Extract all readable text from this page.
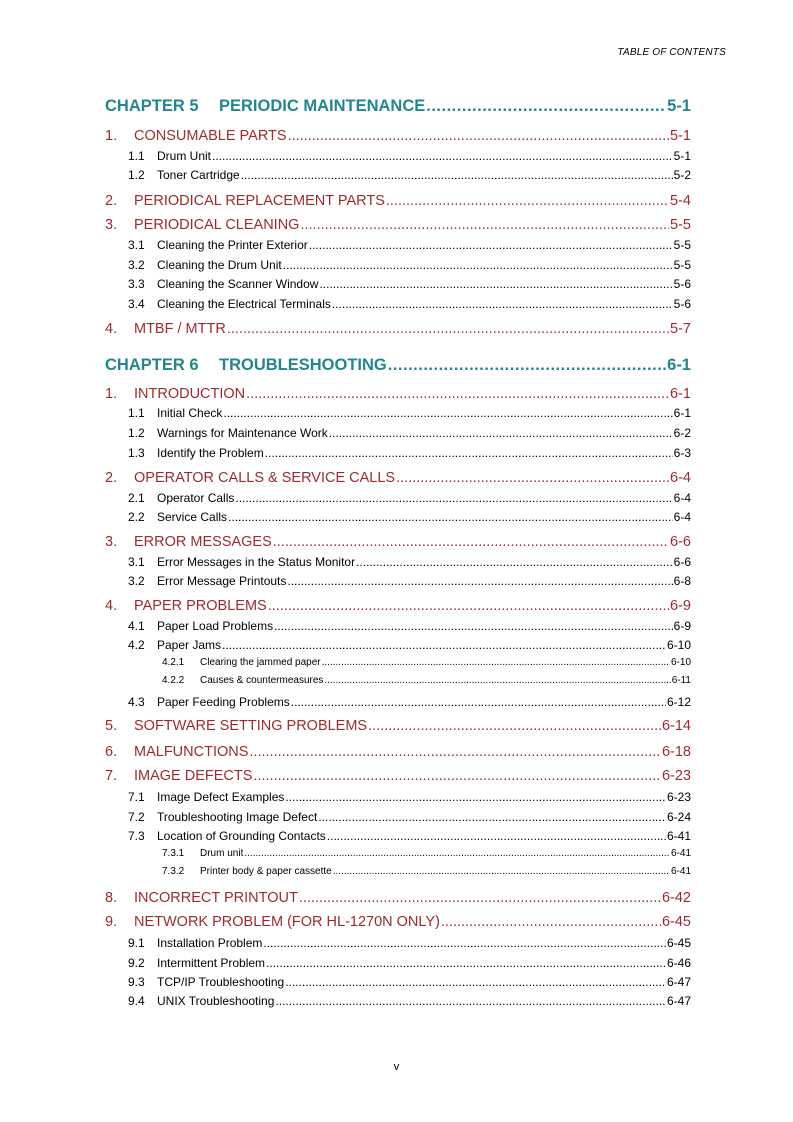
TABLE OF CONTENTS
CHAPTER 5	PERIODIC MAINTENANCE .....	5-1
1.	CONSUMABLE PARTS .....	5-1
1.1	Drum Unit .....	5-1
1.2	Toner Cartridge .....	5-2
2.	PERIODICAL REPLACEMENT PARTS .....	5-4
3.	PERIODICAL CLEANING .....	5-5
3.1	Cleaning the Printer Exterior .....	5-5
3.2	Cleaning the Drum Unit .....	5-5
3.3	Cleaning the Scanner Window .....	5-6
3.4	Cleaning the Electrical Terminals .....	5-6
4.	MTBF / MTTR .....	5-7
CHAPTER 6	TROUBLESHOOTING .....	6-1
1.	INTRODUCTION .....	6-1
1.1	Initial Check .....	6-1
1.2	Warnings for Maintenance Work .....	6-2
1.3	Identify the Problem .....	6-3
2.	OPERATOR CALLS & SERVICE CALLS .....	6-4
2.1	Operator Calls .....	6-4
2.2	Service Calls .....	6-4
3.	ERROR MESSAGES .....	6-6
3.1	Error Messages in the Status Monitor .....	6-6
3.2	Error Message Printouts .....	6-8
4.	PAPER PROBLEMS .....	6-9
4.1	Paper Load Problems .....	6-9
4.2	Paper Jams .....	6-10
4.2.1	Clearing the jammed paper .....	6-10
4.2.2	Causes & countermeasures .....	6-11
4.3	Paper Feeding Problems .....	6-12
5.	SOFTWARE SETTING PROBLEMS .....	6-14
6.	MALFUNCTIONS .....	6-18
7.	IMAGE DEFECTS .....	6-23
7.1	Image Defect Examples .....	6-23
7.2	Troubleshooting Image Defect .....	6-24
7.3	Location of Grounding Contacts .....	6-41
7.3.1	Drum unit .....	6-41
7.3.2	Printer body & paper cassette .....	6-41
8.	INCORRECT PRINTOUT .....	6-42
9.	NETWORK PROBLEM (FOR HL-1270N ONLY) .....	6-45
9.1	Installation Problem .....	6-45
9.2	Intermittent Problem .....	6-46
9.3	TCP/IP Troubleshooting .....	6-47
9.4	UNIX Troubleshooting .....	6-47
v
